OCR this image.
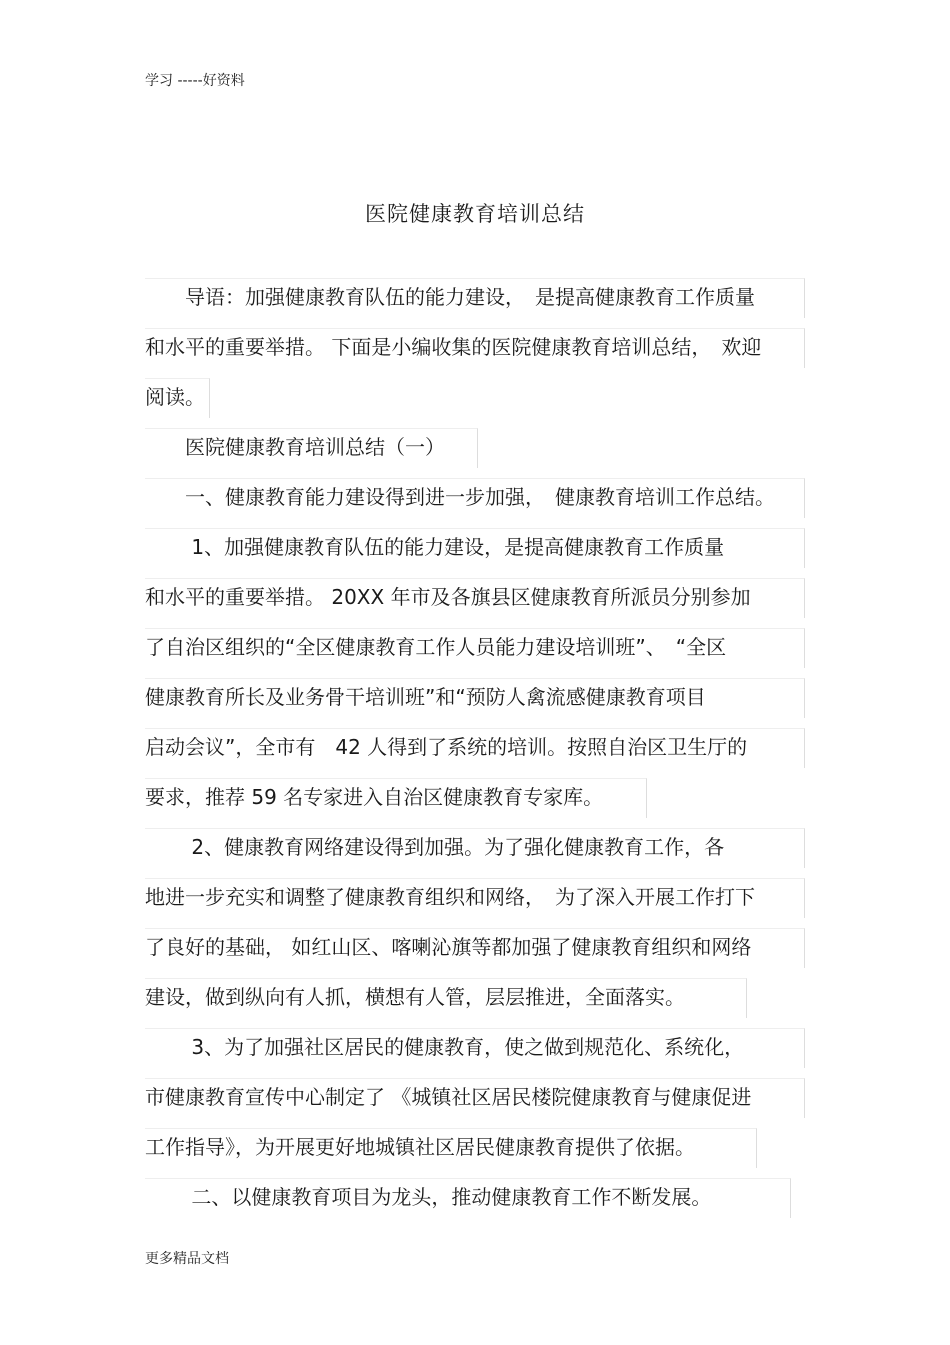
学习 -----好资料
医院健康教育培训总结
　　导语：加强健康教育队伍的能力建设，　是提高健康教育工作质量
和水平的重要举措。 下面是小编收集的医院健康教育培训总结，　欢迎
阅读。
　　医院健康教育培训总结（一）
　　一、健康教育能力建设得到进一步加强，　健康教育培训工作总结。
　　 1、加强健康教育队伍的能力建设，是提高健康教育工作质量
和水平的重要举措。 20XX 年市及各旗县区健康教育所派员分别参加
了自治区组织的“全区健康教育工作人员能力建设培训班”、　“全区
健康教育所长及业务骨干培训班”和“预防人禽流感健康教育项目
启动会议”，全市有　42 人得到了系统的培训。按照自治区卫生厅的
要求，推荐 59 名专家进入自治区健康教育专家库。
　　 2、健康教育网络建设得到加强。为了强化健康教育工作，各
地进一步充实和调整了健康教育组织和网络，　为了深入开展工作打下
了良好的基础， 如红山区、喀喇沁旗等都加强了健康教育组织和网络
建设，做到纵向有人抓，横想有人管，层层推进，全面落实。
　　 3、为了加强社区居民的健康教育，使之做到规范化、系统化，
市健康教育宣传中心制定了 《城镇社区居民楼院健康教育与健康促进
工作指导》，为开展更好地城镇社区居民健康教育提供了依据。
　　 二、以健康教育项目为龙头，推动健康教育工作不断发展。
更多精品文档
